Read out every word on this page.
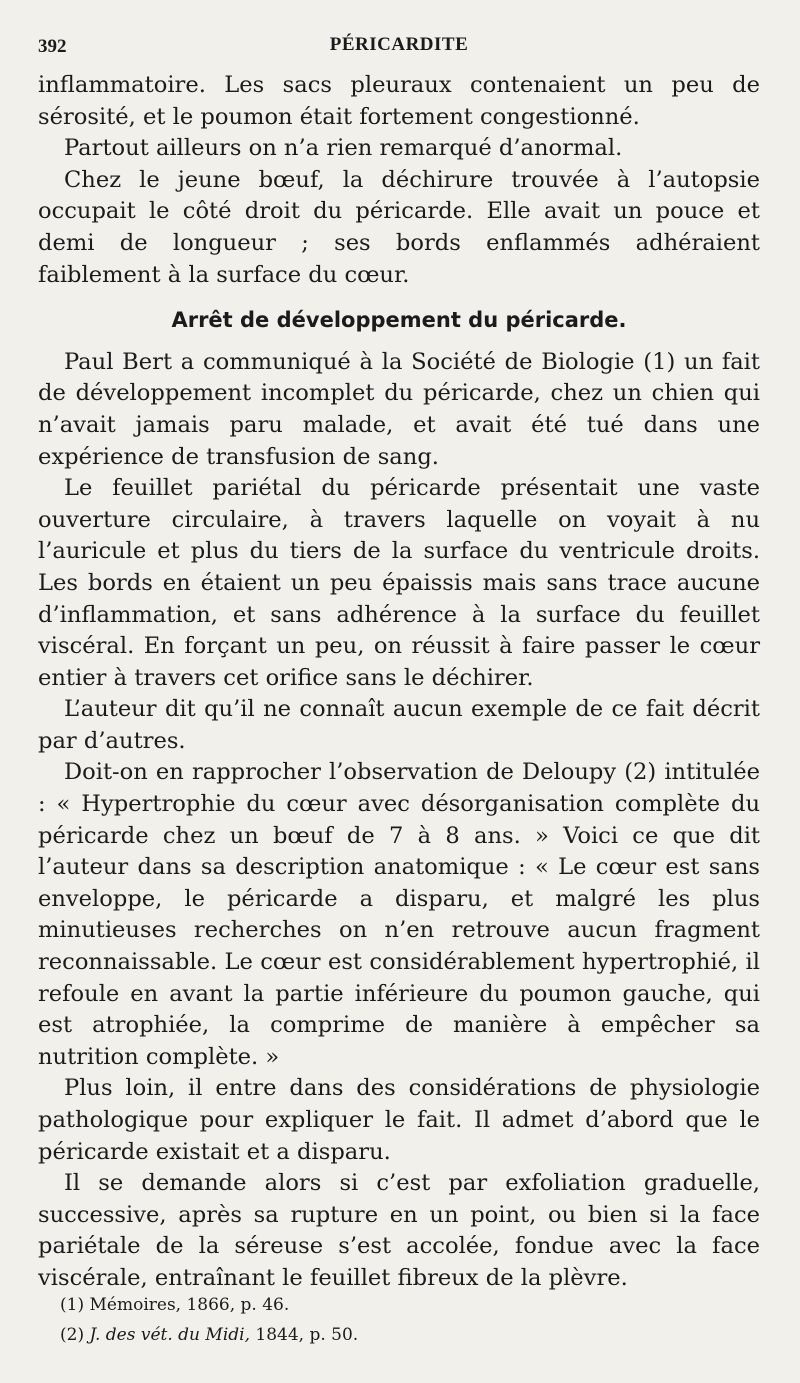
392	PÉRICARDITE

inflammatoire. Les sacs pleuraux contenaient un peu de sérosité, et le poumon était fortement congestionné.

Partout ailleurs on n’a rien remarqué d’anormal.

Chez le jeune bœuf, la déchirure trouvée à l’autopsie occupait le côté droit du péricarde. Elle avait un pouce et demi de longueur ; ses bords enflammés adhéraient faiblement à la surface du cœur.

Arrêt de développement du péricarde.

Paul Bert a communiqué à la Société de Biologie (1) un fait de développement incomplet du péricarde, chez un chien qui n’avait jamais paru malade, et avait été tué dans une expérience de transfusion de sang.

Le feuillet pariétal du péricarde présentait une vaste ouverture circulaire, à travers laquelle on voyait à nu l’auricule et plus du tiers de la surface du ventricule droits. Les bords en étaient un peu épaissis mais sans trace aucune d’inflammation, et sans adhérence à la surface du feuillet viscéral. En forçant un peu, on réussit à faire passer le cœur entier à travers cet orifice sans le déchirer.

L’auteur dit qu’il ne connaît aucun exemple de ce fait décrit par d’autres.

Doit-on en rapprocher l’observation de Deloupy (2) intitulée : « Hypertrophie du cœur avec désorganisation complète du péricarde chez un bœuf de 7 à 8 ans. » Voici ce que dit l’auteur dans sa description anatomique : « Le cœur est sans enveloppe, le péricarde a disparu, et malgré les plus minutieuses recherches on n’en retrouve aucun fragment reconnaissable. Le cœur est considérablement hypertrophié, il refoule en avant la partie inférieure du poumon gauche, qui est atrophiée, la comprime de manière à empêcher sa nutrition complète. »

Plus loin, il entre dans des considérations de physiologie pathologique pour expliquer le fait. Il admet d’abord que le péricarde existait et a disparu.

Il se demande alors si c’est par exfoliation graduelle, successive, après sa rupture en un point, ou bien si la face pariétale de la séreuse s’est accolée, fondue avec la face viscérale, entraînant le feuillet fibreux de la plèvre.

(1) Mémoires, 1866, p. 46.
(2) J. des vét. du Midi, 1844, p. 50.
